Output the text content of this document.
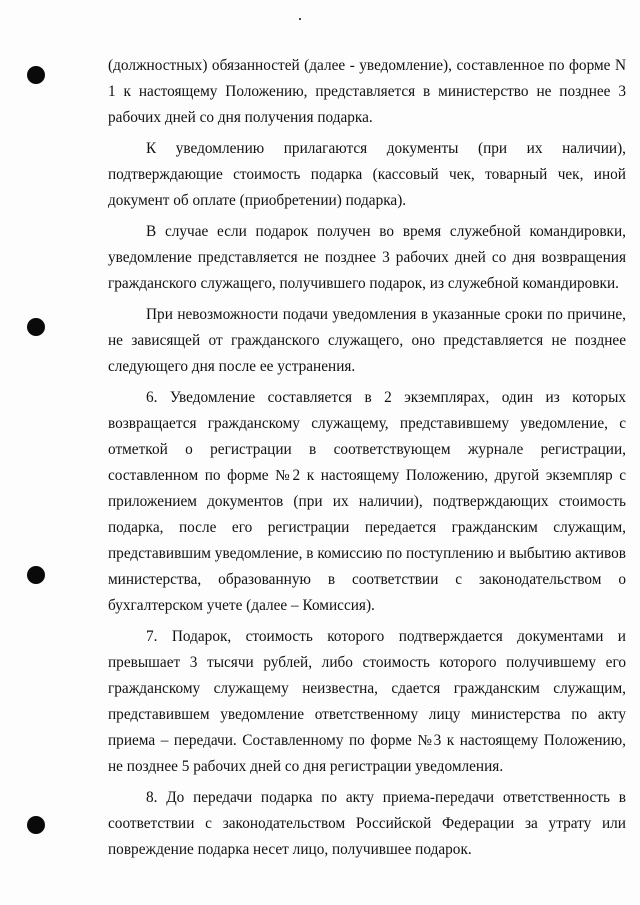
(должностных) обязанностей (далее - уведомление), составленное по форме N 1 к настоящему Положению, представляется в министерство не позднее 3 рабочих дней со дня получения подарка.

К уведомлению прилагаются документы (при их наличии), подтверждающие стоимость подарка (кассовый чек, товарный чек, иной документ об оплате (приобретении) подарка).

В случае если подарок получен во время служебной командировки, уведомление представляется не позднее 3 рабочих дней со дня возвращения гражданского служащего, получившего подарок, из служебной командировки.

При невозможности подачи уведомления в указанные сроки по причине, не зависящей от гражданского служащего, оно представляется не позднее следующего дня после ее устранения.

6. Уведомление составляется в 2 экземплярах, один из которых возвращается гражданскому служащему, представившему уведомление, с отметкой о регистрации в соответствующем журнале регистрации, составленном по форме №2 к настоящему Положению, другой экземпляр с приложением документов (при их наличии), подтверждающих стоимость подарка, после его регистрации передается гражданским служащим, представившим уведомление, в комиссию по поступлению и выбытию активов министерства, образованную в соответствии с законодательством о бухгалтерском учете (далее – Комиссия).

7. Подарок, стоимость которого подтверждается документами и превышает 3 тысячи рублей, либо стоимость которого получившему его гражданскому служащему неизвестна, сдается гражданским служащим, представившем уведомление ответственному лицу министерства по акту приема – передачи. Составленному по форме №3 к настоящему Положению, не позднее 5 рабочих дней со дня регистрации уведомления.

8. До передачи подарка по акту приема-передачи ответственность в соответствии с законодательством Российской Федерации за утрату или повреждение подарка несет лицо, получившее подарок.
